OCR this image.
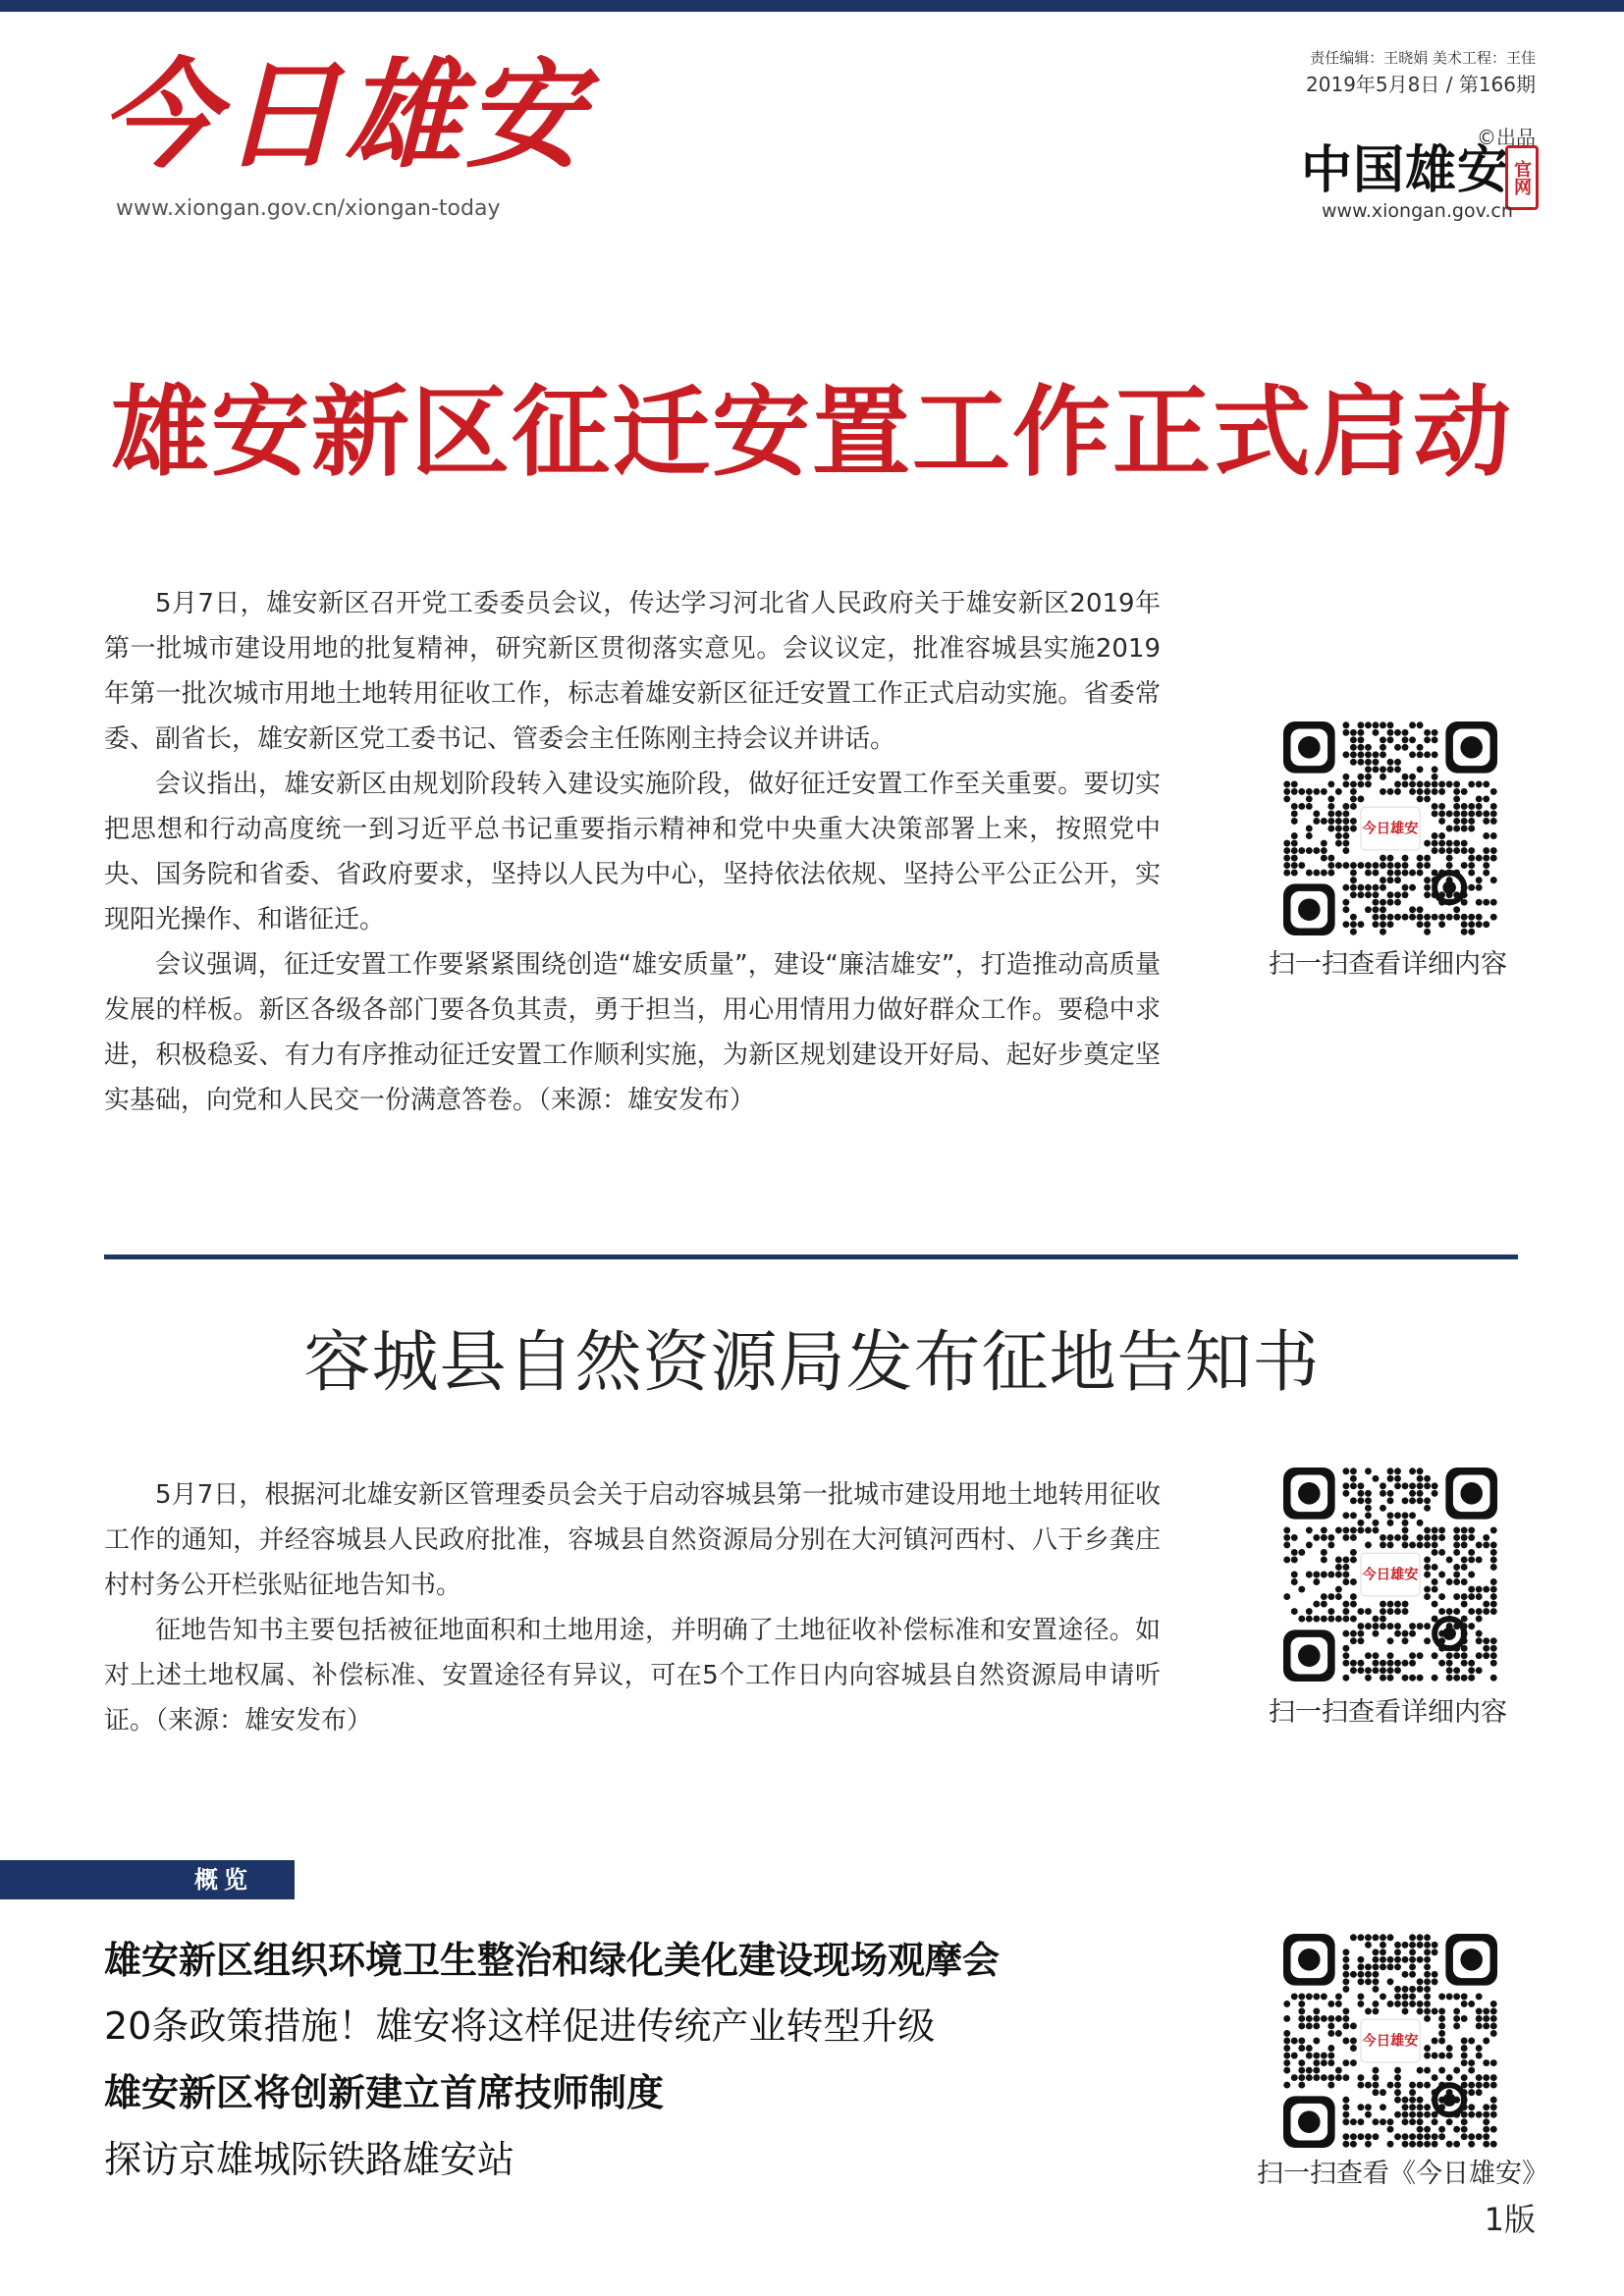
今日雄安
www.xiongan.gov.cn/xiongan-today
责任编辑：王晓娟 美术工程：王佳
2019年5月8日 / 第166期
©出品
中国雄安 官网
www.xiongan.gov.cn
雄安新区征迁安置工作正式启动

5月7日，雄安新区召开党工委委员会议，传达学习河北省人民政府关于雄安新区2019年第一批城市建设用地的批复精神，研究新区贯彻落实意见。会议议定，批准容城县实施2019年第一批次城市用地土地转用征收工作，标志着雄安新区征迁安置工作正式启动实施。省委常委、副省长，雄安新区党工委书记、管委会主任陈刚主持会议并讲话。

会议指出，雄安新区由规划阶段转入建设实施阶段，做好征迁安置工作至关重要。要切实把思想和行动高度统一到习近平总书记重要指示精神和党中央重大决策部署上来，按照党中央、国务院和省委、省政府要求，坚持以人民为中心，坚持依法依规、坚持公平公正公开，实现阳光操作、和谐征迁。

会议强调，征迁安置工作要紧紧围绕创造“雄安质量”，建设“廉洁雄安”，打造推动高质量发展的样板。新区各级各部门要各负其责，勇于担当，用心用情用力做好群众工作。要稳中求进，积极稳妥、有力有序推动征迁安置工作顺利实施，为新区规划建设开好局、起好步奠定坚实基础，向党和人民交一份满意答卷。（来源：雄安发布）

今日雄安
扫一扫查看详细内容
容城县自然资源局发布征地告知书

5月7日，根据河北雄安新区管理委员会关于启动容城县第一批城市建设用地土地转用征收工作的通知，并经容城县人民政府批准，容城县自然资源局分别在大河镇河西村、八于乡龚庄村村务公开栏张贴征地告知书。

征地告知书主要包括被征地面积和土地用途，并明确了土地征收补偿标准和安置途径。如对上述土地权属、补偿标准、安置途径有异议，可在5个工作日内向容城县自然资源局申请听证。（来源：雄安发布）

今日雄安
扫一扫查看详细内容
概览
雄安新区组织环境卫生整治和绿化美化建设现场观摩会
20条政策措施！雄安将这样促进传统产业转型升级
雄安新区将创新建立首席技师制度
探访京雄城际铁路雄安站
今日雄安
扫一扫查看《今日雄安》
1版
